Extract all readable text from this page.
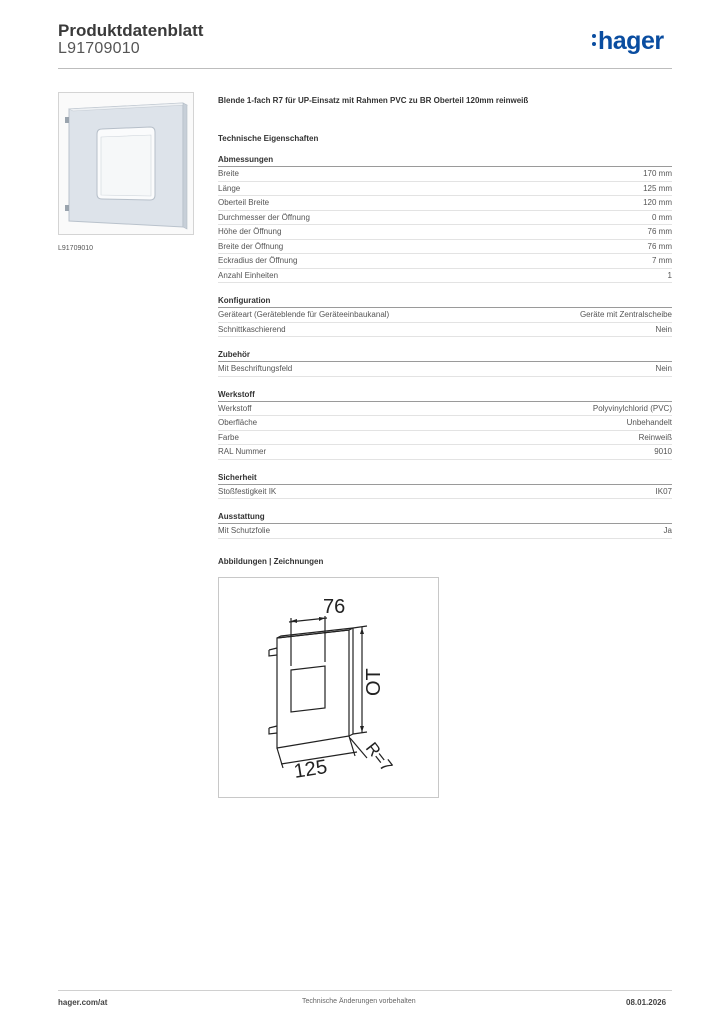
Produktdatenblatt
L91709010	hager
L91709010
Blende 1-fach R7 für UP-Einsatz mit Rahmen PVC zu BR Oberteil 120mm reinweiß
Technische Eigenschaften
Abmessungen
Breite	170 mm
Länge	125 mm
Oberteil Breite	120 mm
Durchmesser der Öffnung	0 mm
Höhe der Öffnung	76 mm
Breite der Öffnung	76 mm
Eckradius der Öffnung	7 mm
Anzahl Einheiten	1
Konfiguration
Geräteart (Geräteblende für Geräteeinbaukanal)	Geräte mit Zentralscheibe
Schnittkaschierend	Nein
Zubehör
Mit Beschriftungsfeld	Nein
Werkstoff
Werkstoff	Polyvinylchlorid (PVC)
Oberfläche	Unbehandelt
Farbe	Reinweiß
RAL Nummer	9010
Sicherheit
Stoßfestigkeit IK	IK07
Ausstattung
Mit Schutzfolie	Ja
Abbildungen | Zeichnungen
76
OT
125 R=7
hager.com/at	Technische Änderungen vorbehalten	08.01.2026
